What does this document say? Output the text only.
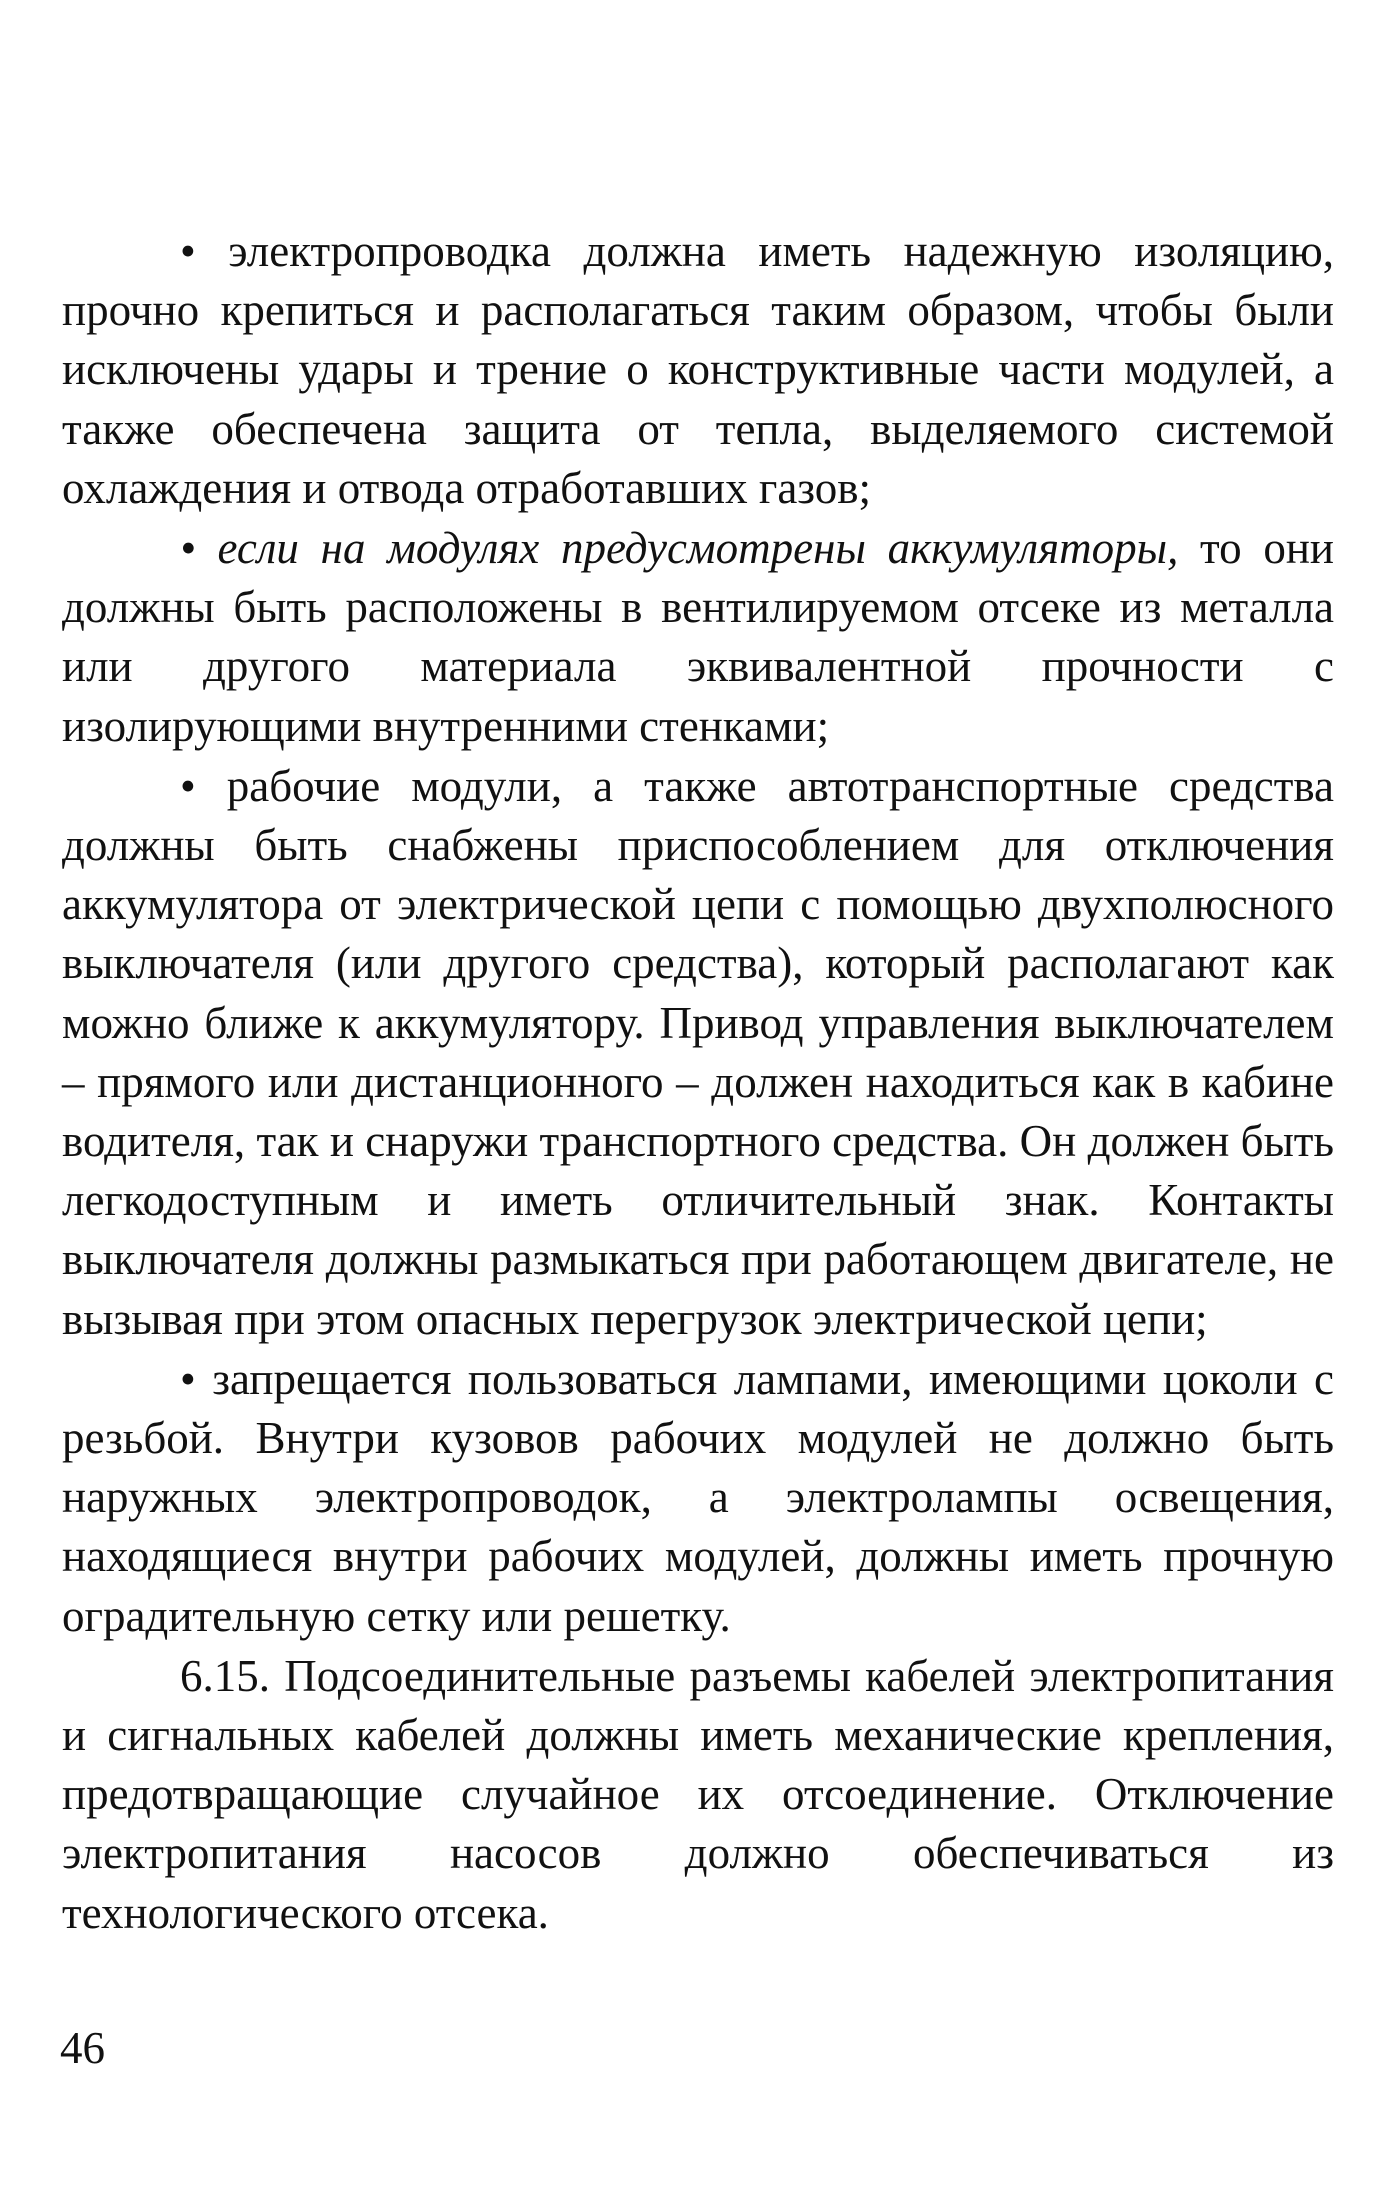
• электропроводка должна иметь надежную изоляцию, прочно крепиться и располагаться таким образом, чтобы были исключены удары и трение о конструктивные части модулей, а также обеспечена защита от тепла, выделяемого системой охлаждения и отвода отработавших газов;

• если на модулях предусмотрены аккумуляторы, то они должны быть расположены в вентилируемом отсеке из металла или другого материала эквивалентной прочности с изолирующими внутренними стенками;

• рабочие модули, а также автотранспортные средства должны быть снабжены приспособлением для отключения аккумулятора от электрической цепи с помощью двухполюсного выключателя (или другого средства), который располагают как можно ближе к аккумулятору. Привод управления выключателем – прямого или дистанционного – должен находиться как в кабине водителя, так и снаружи транспортного средства. Он должен быть легкодоступным и иметь отличительный знак. Контакты выключателя должны размыкаться при работающем двигателе, не вызывая при этом опасных перегрузок электрической цепи;

• запрещается пользоваться лампами, имеющими цоколи с резьбой. Внутри кузовов рабочих модулей не должно быть наружных электропроводок, а электролампы освещения, находящиеся внутри рабочих модулей, должны иметь прочную оградительную сетку или решетку.

6.15. Подсоединительные разъемы кабелей электропитания и сигнальных кабелей должны иметь механические крепления, предотвращающие случайное их отсоединение. Отключение электропитания насосов должно обеспечиваться из технологического отсека.

46
